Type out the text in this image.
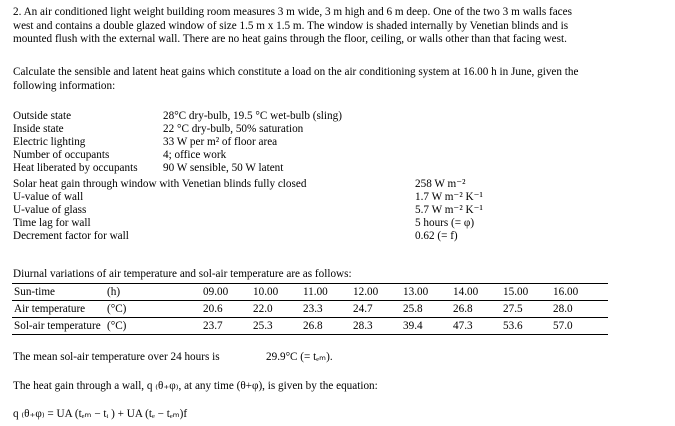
2. An air conditioned light weight building room measures 3 m wide, 3 m high and 6 m deep. One of the two 3 m walls faces
west and contains a double glazed window of size 1.5 m x 1.5 m. The window is shaded internally by Venetian blinds and is
mounted flush with the external wall. There are no heat gains through the floor, ceiling, or walls other than that facing west.
Calculate the sensible and latent heat gains which constitute a load on the air conditioning system at 16.00 h in June, given the
following information:
Outside state	28°C dry-bulb, 19.5 °C wet-bulb (sling)
Inside state	22 °C dry-bulb, 50% saturation
Electric lighting	33 W per m² of floor area
Number of occupants	4; office work
Heat liberated by occupants 90 W sensible, 50 W latent
Solar heat gain through window with Venetian blinds fully closed	258 W m⁻²
U-value of wall	1.7 W m⁻² K⁻¹
U-value of glass	5.7 W m⁻² K⁻¹
Time lag for wall	5 hours (= φ)
Decrement factor for wall	0.62 (= f)
Diurnal variations of air temperature and sol-air temperature are as follows:
Sun-time	(h)	09.00	10.00	11.00	12.00	13.00	14.00	15.00	16.00
Air temperature	(°C)	20.6	22.0	23.3	24.7	25.8	26.8	27.5	28.0
Sol-air temperature	(°C)	23.7	25.3	26.8	28.3	39.4	47.3	53.6	57.0
The mean sol-air temperature over 24 hours is	29.9°C (= tₑₘ).
The heat gain through a wall, q ₍θ₊φ₎, at any time (θ+φ), is given by the equation:
q ₍θ₊φ₎ = UA (tₑₘ − tᵢ ) + UA (tₑ − tₑₘ)f
